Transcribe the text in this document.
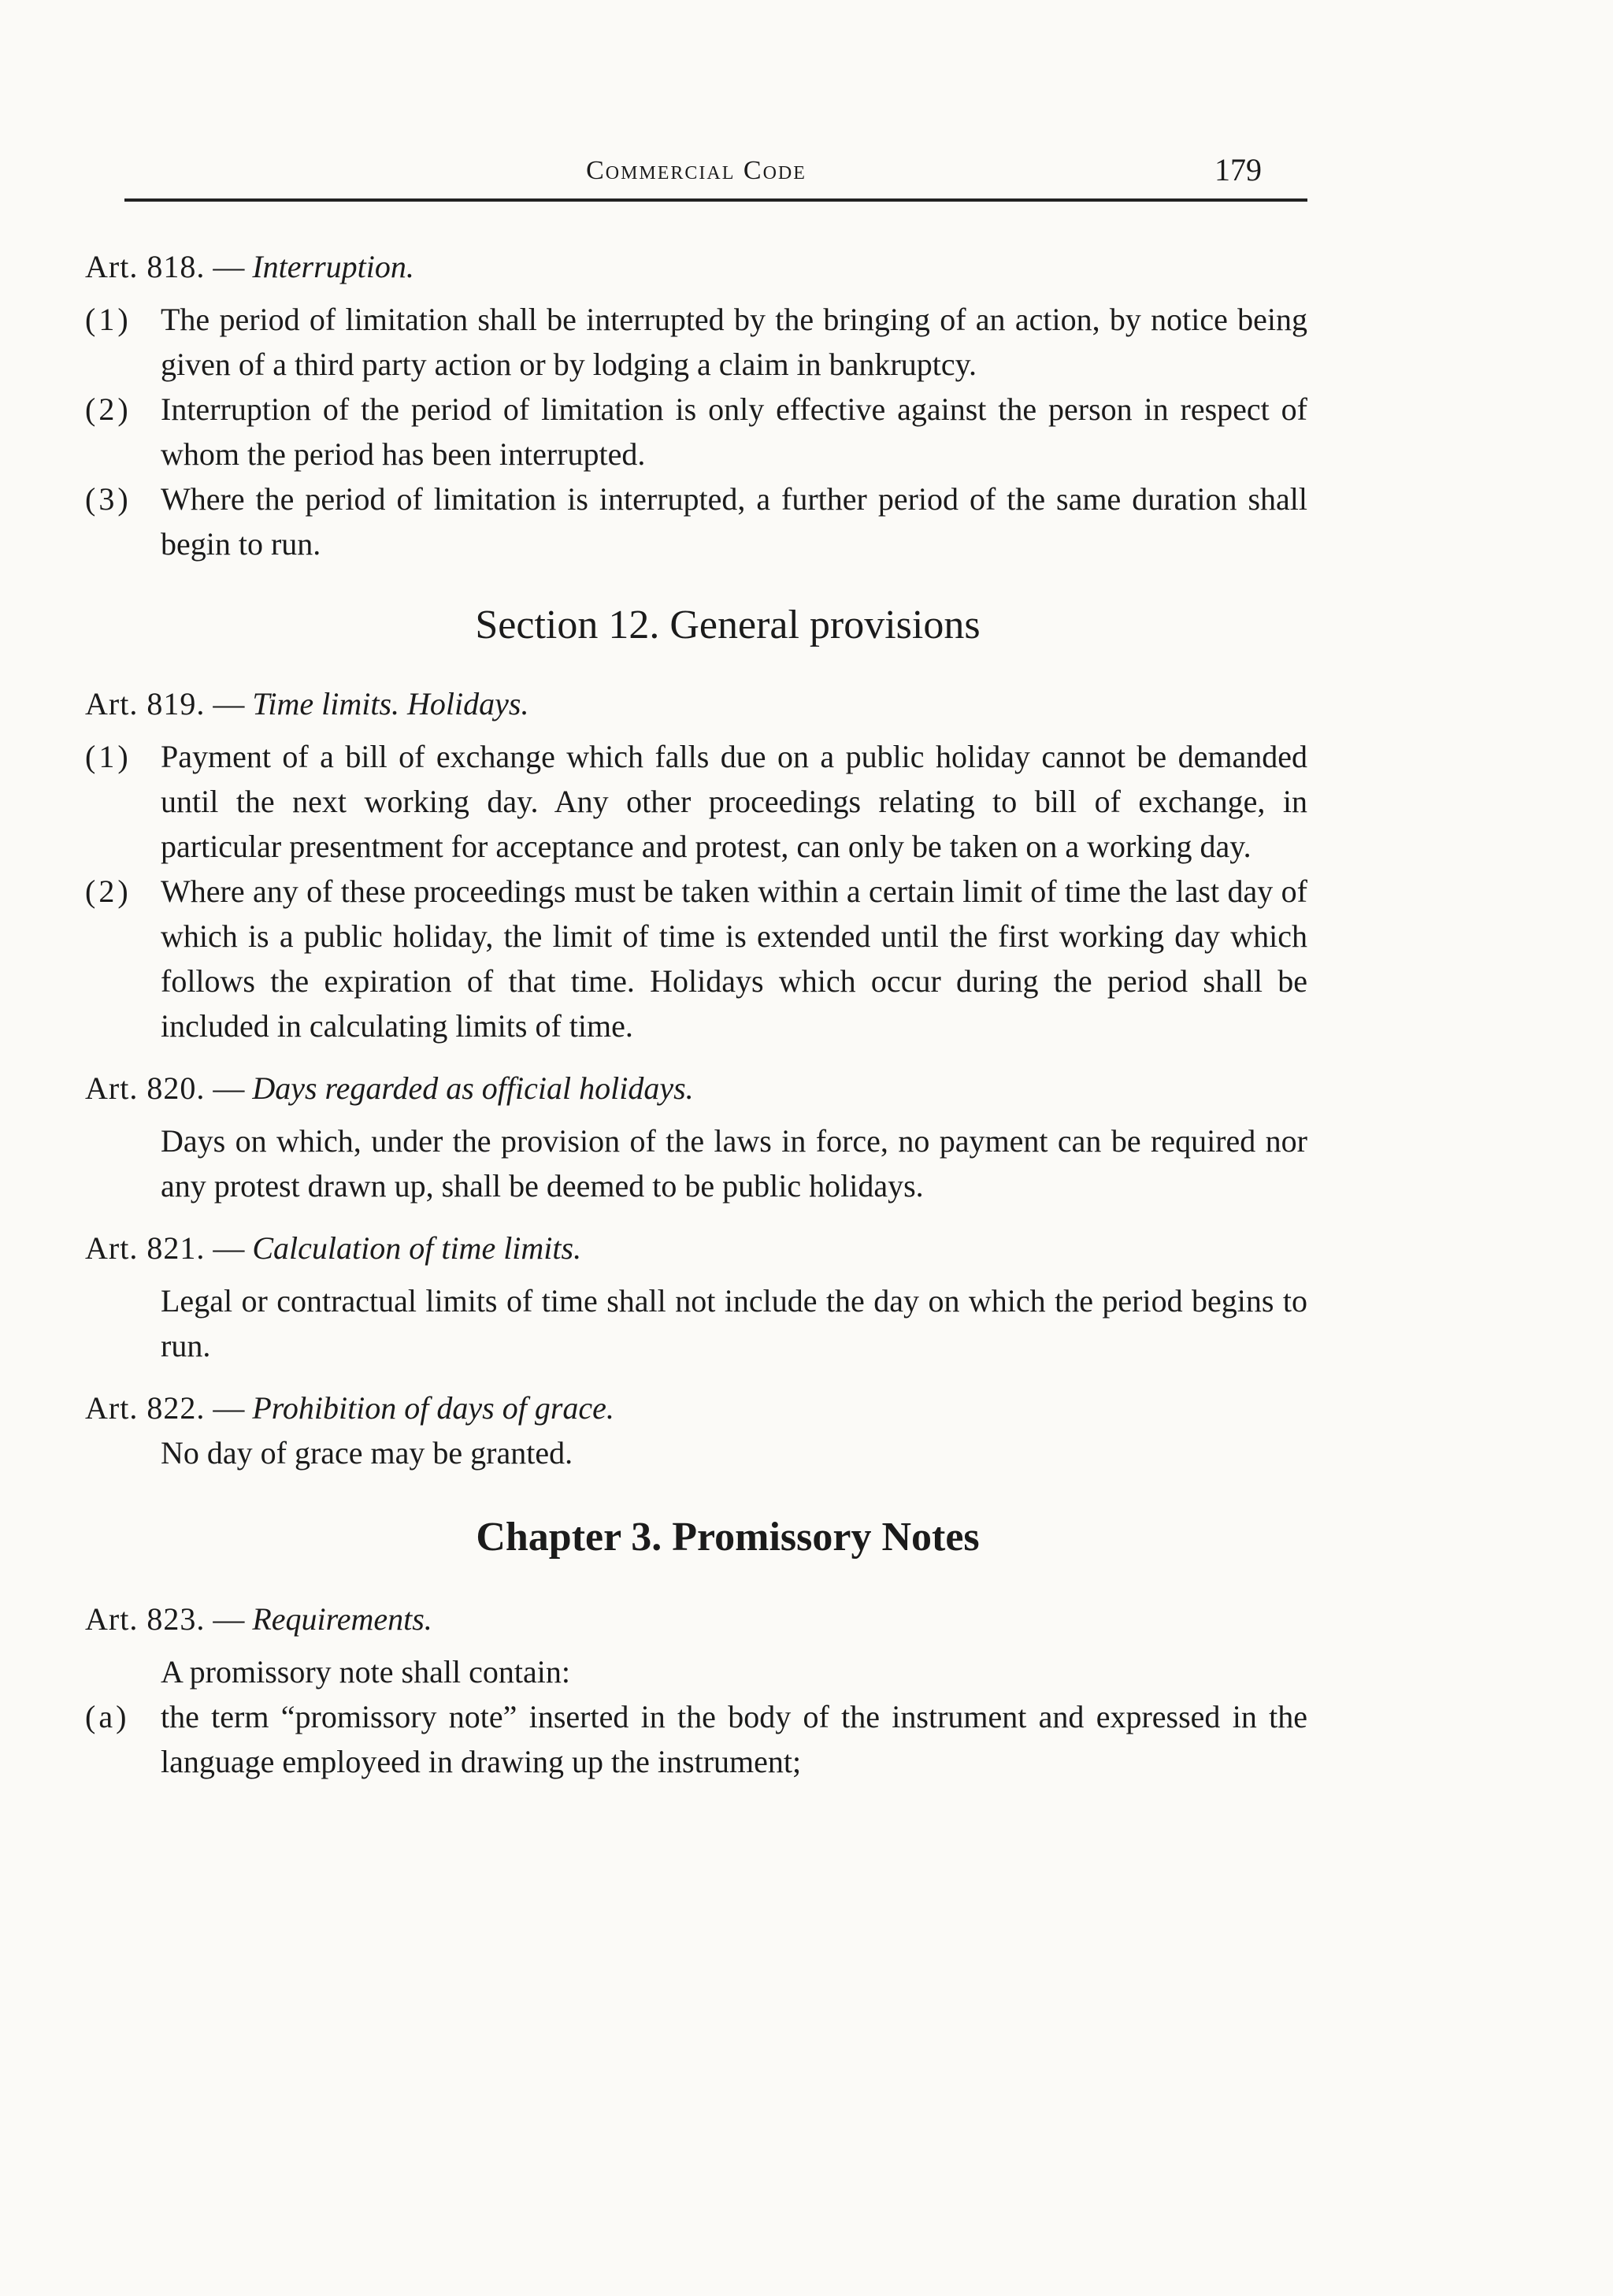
Commercial Code	179

Art. 818. — Interruption.

(1) The period of limitation shall be interrupted by the bringing of an action, by notice being given of a third party action or by lodging a claim in bankruptcy.

(2) Interruption of the period of limitation is only effective against the person in respect of whom the period has been interrupted.

(3) Where the period of limitation is interrupted, a further period of the same duration shall begin to run.

Section 12. General provisions

Art. 819. — Time limits. Holidays.

(1) Payment of a bill of exchange which falls due on a public holiday cannot be demanded until the next working day. Any other proceedings relating to bill of exchange, in particular presentment for acceptance and protest, can only be taken on a working day.

(2) Where any of these proceedings must be taken within a certain limit of time the last day of which is a public holiday, the limit of time is extended until the first working day which follows the expiration of that time. Holidays which occur during the period shall be included in calculating limits of time.

Art. 820. — Days regarded as official holidays.

Days on which, under the provision of the laws in force, no payment can be required nor any protest drawn up, shall be deemed to be public holidays.

Art. 821. — Calculation of time limits.

Legal or contractual limits of time shall not include the day on which the period begins to run.

Art. 822. — Prohibition of days of grace.

No day of grace may be granted.

Chapter 3. Promissory Notes

Art. 823. — Requirements.

A promissory note shall contain:

(a) the term “promissory note” inserted in the body of the instrument and expressed in the language employeed in drawing up the instrument;
